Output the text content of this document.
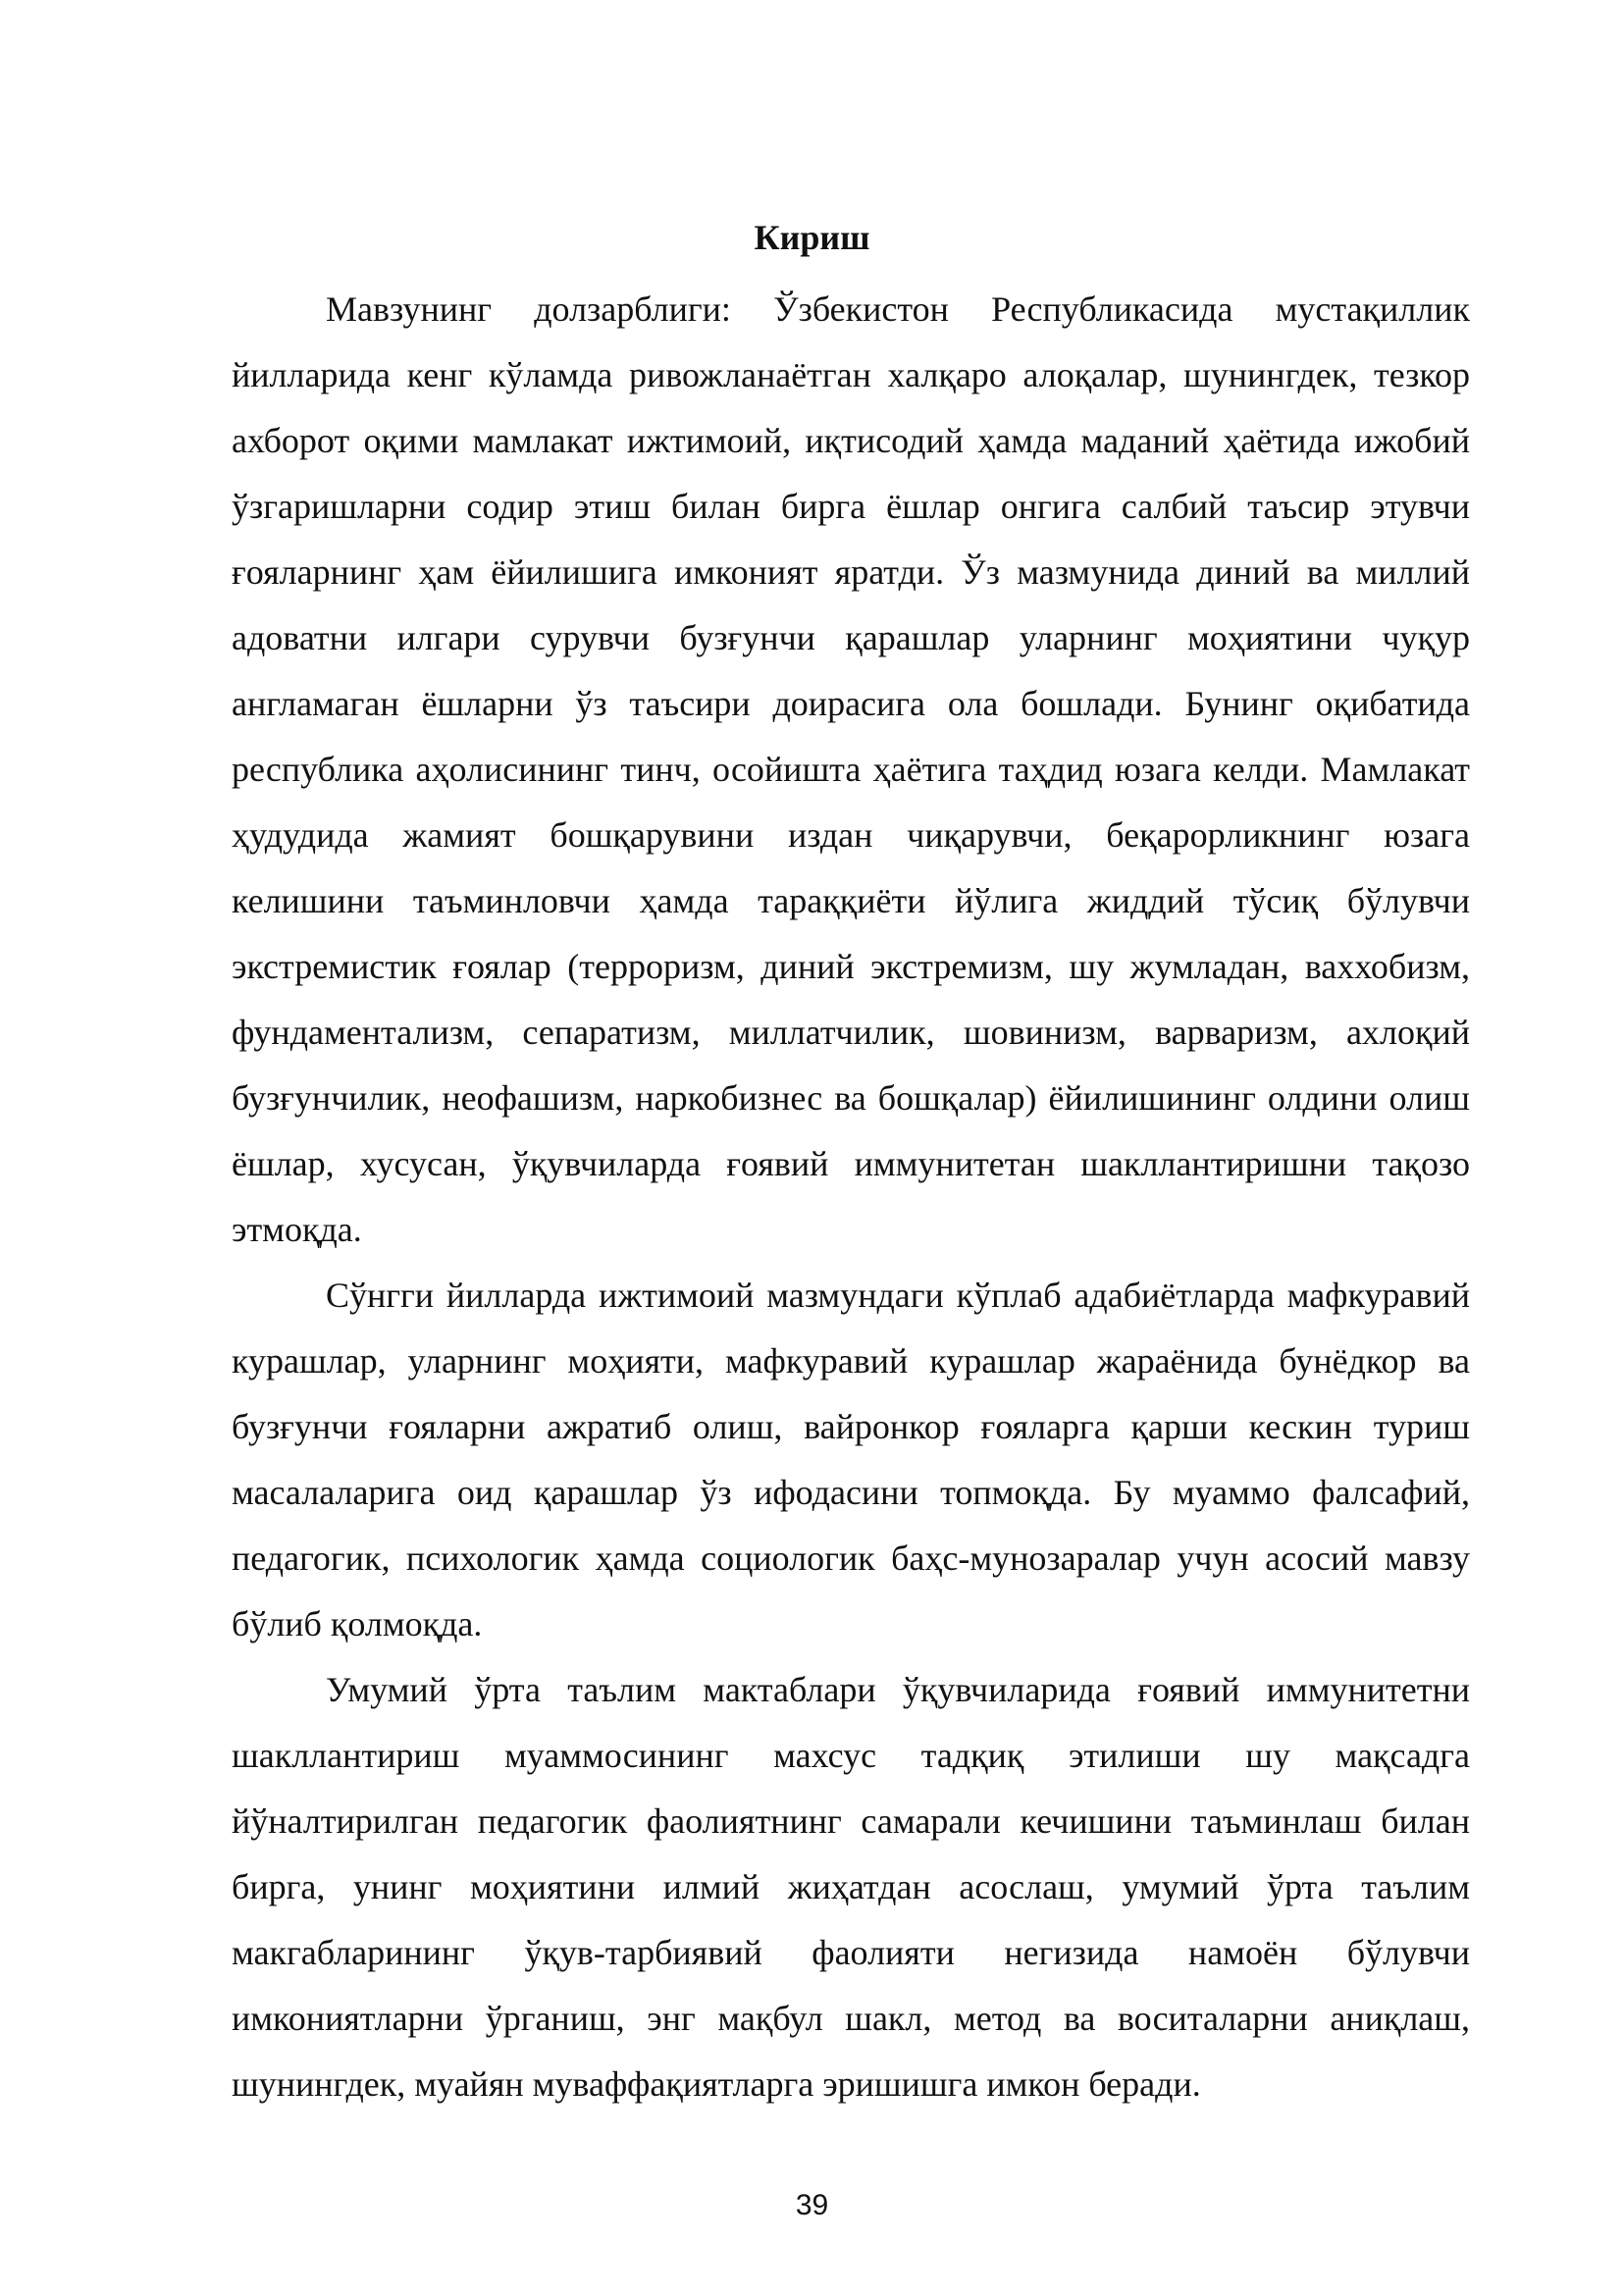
Кириш

Мавзунинг долзарблиги: Ўзбекистон Республикасида мустақиллик йилларида кенг кўламда ривожланаётган халқаро алоқалар, шунингдек, тезкор ахборот оқими мамлакат ижтимоий, иқтисодий ҳамда маданий ҳаётида ижобий ўзгаришларни содир этиш билан бирга ёшлар онгига салбий таъсир этувчи ғояларнинг ҳам ёйилишига имконият яратди. Ўз мазмунида диний ва миллий адоватни илгари сурувчи бузғунчи қарашлар уларнинг моҳиятини чуқур англамаган ёшларни ўз таъсири доирасига ола бошлади. Бунинг оқибатида республика аҳолисининг тинч, осойишта ҳаётига таҳдид юзага келди. Мамлакат ҳудудида жамият бошқарувини издан чиқарувчи, беқарорликнинг юзага келишини таъминловчи ҳамда тараққиёти йўлига жиддий тўсиқ бўлувчи экстремистик ғоялар (терроризм, диний экстремизм, шу жумладан, ваххобизм, фундаментализм, сепаратизм, миллатчилик, шовинизм, варваризм, ахлоқий бузғунчилик, неофашизм, наркобизнес ва бошқалар) ёйилишининг олдини олиш ёшлар, хусусан, ўқувчиларда ғоявий иммунитетан шакллантиришни тақозо этмоқда.

Сўнгги йилларда ижтимоий мазмундаги кўплаб адабиётларда мафкуравий курашлар, уларнинг моҳияти, мафкуравий курашлар жараёнида бунёдкор ва бузғунчи ғояларни ажратиб олиш, вайронкор ғояларга қарши кескин туриш масалаларига оид қарашлар ўз ифодасини топмоқда. Бу муаммо фалсафий, педагогик, психологик ҳамда социологик баҳс-мунозаралар учун асосий мавзу бўлиб қолмоқда.

Умумий ўрта таълим мактаблари ўқувчиларида ғоявий иммунитетни шакллантириш муаммосининг махсус тадқиқ этилиши шу мақсадга йўналтирилган педагогик фаолиятнинг самарали кечишини таъминлаш билан бирга, унинг моҳиятини илмий жиҳатдан асослаш, умумий ўрта таълим макгабларининг ўқув-тарбиявий фаолияти негизида намоён бўлувчи имкониятларни ўрганиш, энг мақбул шакл, метод ва воситаларни аниқлаш, шунингдек, муайян муваффақиятларга эришишга имкон беради.

39
